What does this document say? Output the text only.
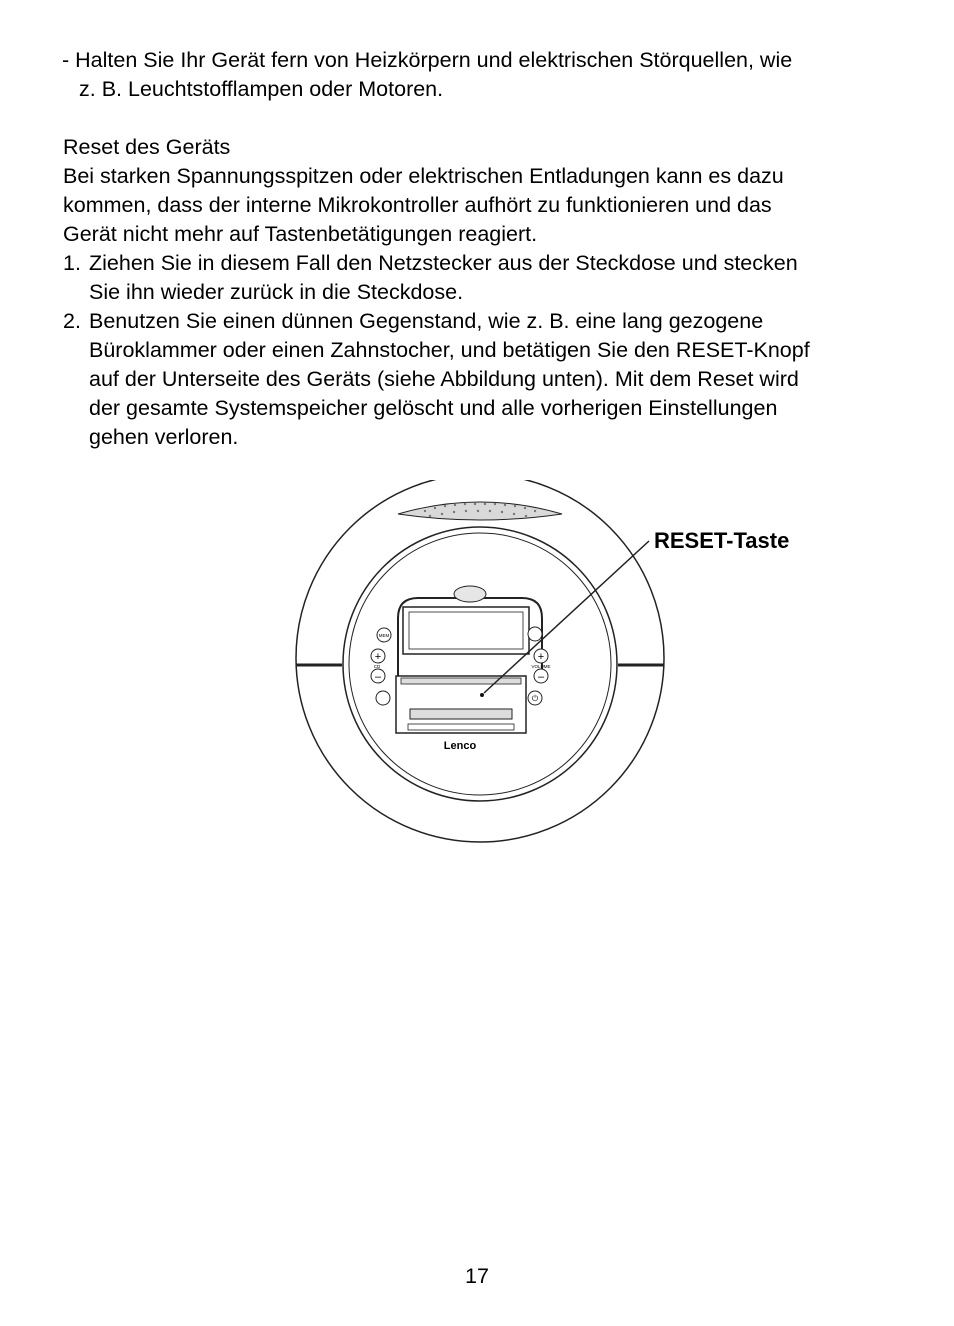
- Halten Sie Ihr Gerät fern von Heizkörpern und elektrischen Störquellen, wie
z. B. Leuchtstofflampen oder Motoren.
Reset des Geräts
Bei starken Spannungsspitzen oder elektrischen Entladungen kann es dazu
kommen, dass der interne Mikrokontroller aufhört zu funktionieren und das
Gerät nicht mehr auf Tastenbetätigungen reagiert.
1. Ziehen Sie in diesem Fall den Netzstecker aus der Steckdose und stecken
Sie ihn wieder zurück in die Steckdose.
2. Benutzen Sie einen dünnen Gegenstand, wie z. B. eine lang gezogene
Büroklammer oder einen Zahnstocher, und betätigen Sie den RESET-Knopf
auf der Unterseite des Geräts (siehe Abbildung unten). Mit dem Reset wird
der gesamte Systemspeicher gelöscht und alle vorherigen Einstellungen
gehen verloren.
MEM
+
CD
–
+
VOLUME
–
⏻
Lenco
RESET-Taste
17
